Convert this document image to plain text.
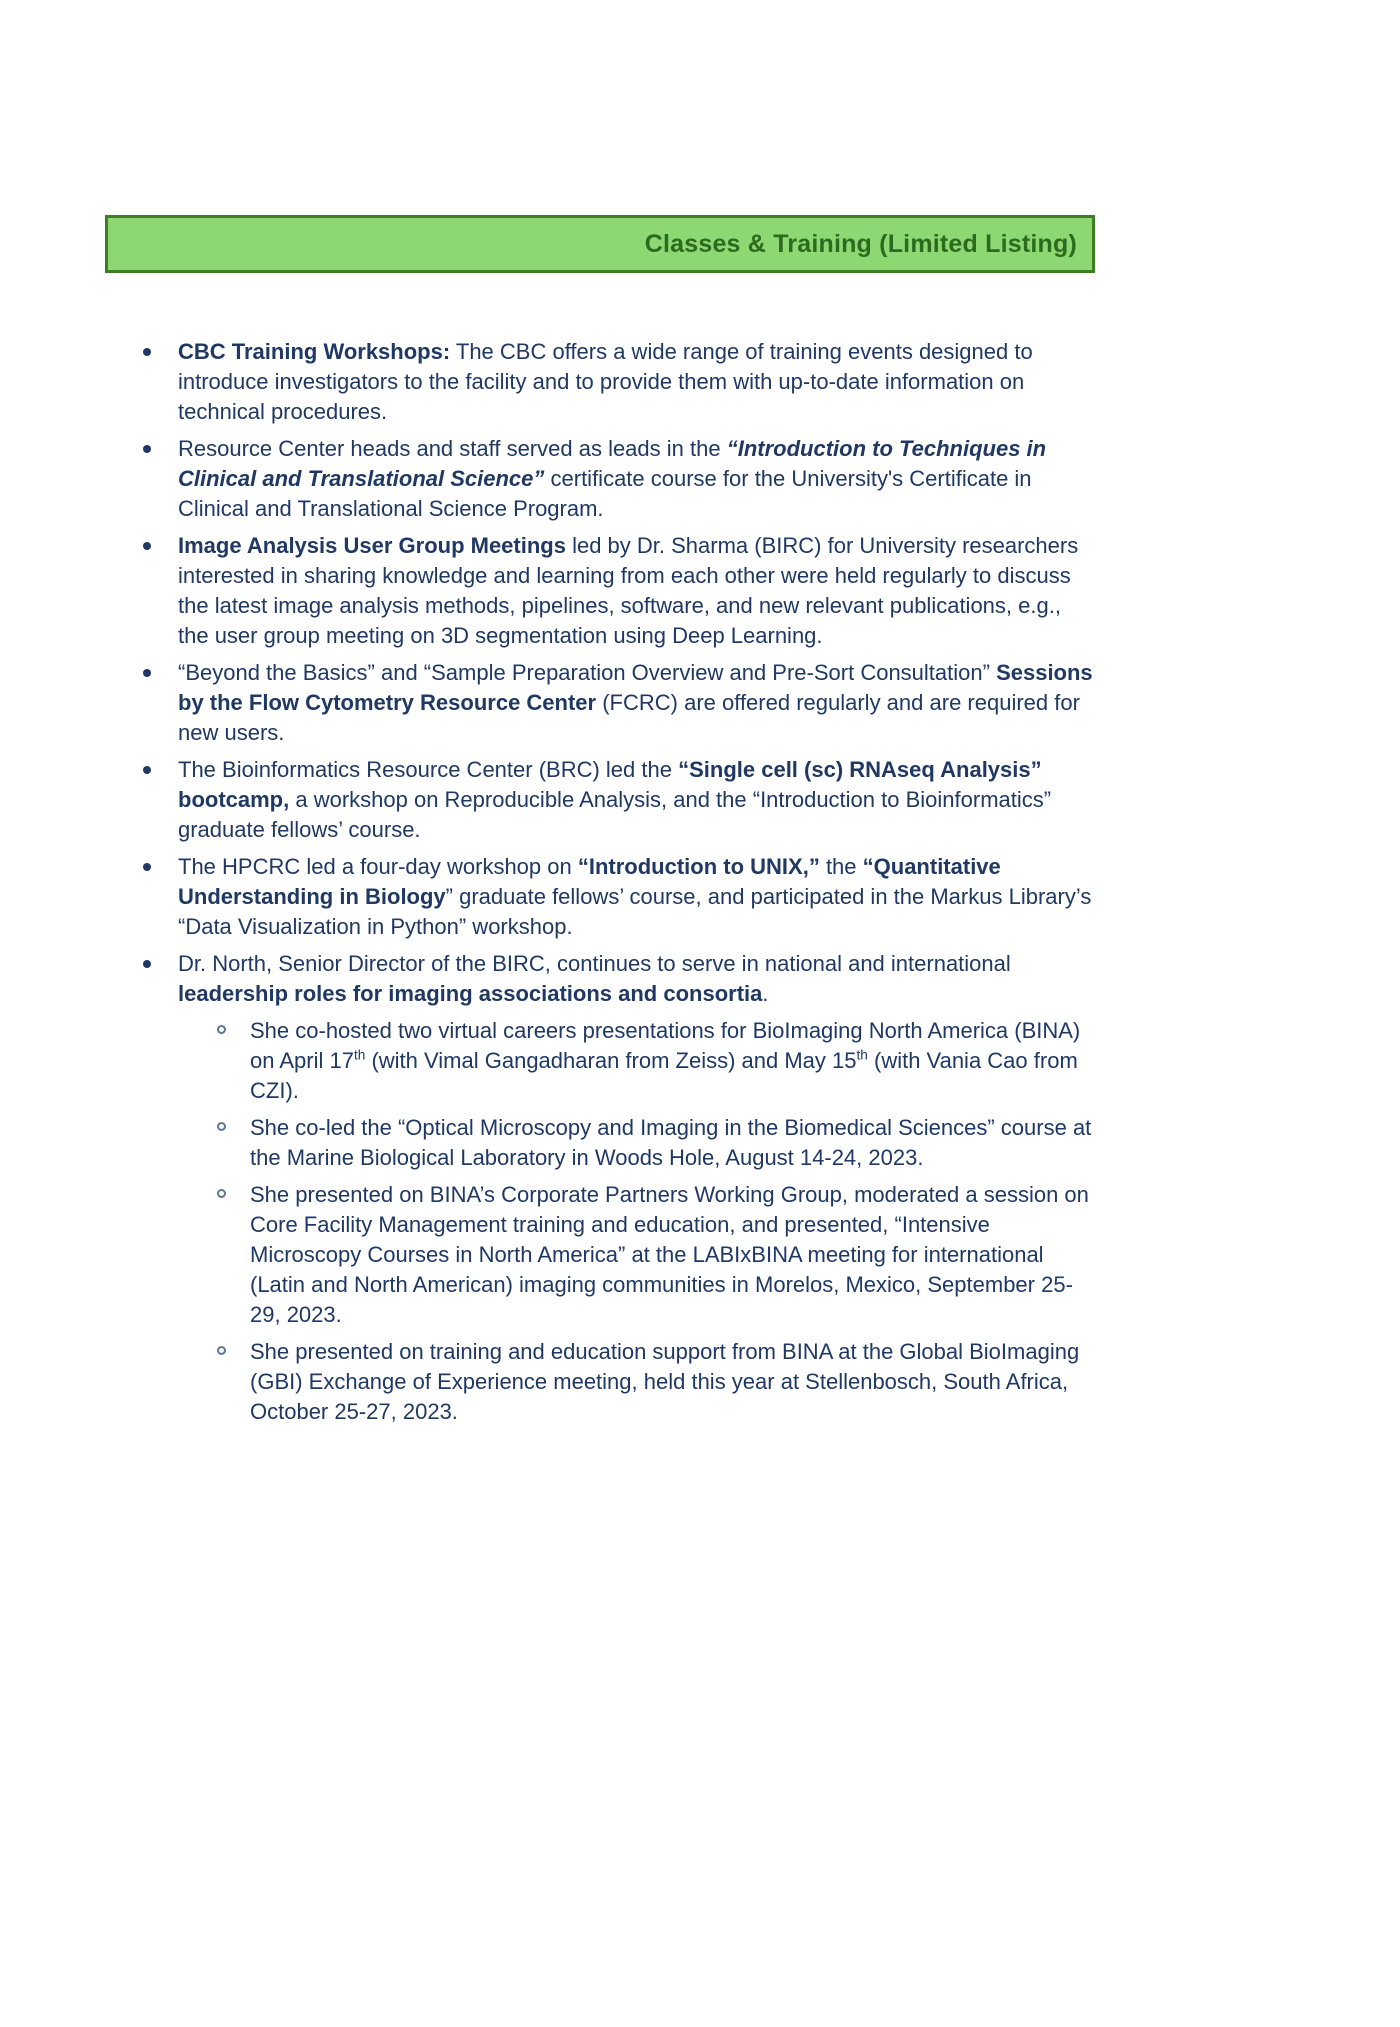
Classes & Training (Limited Listing)
CBC Training Workshops: The CBC offers a wide range of training events designed to introduce investigators to the facility and to provide them with up-to-date information on technical procedures.
Resource Center heads and staff served as leads in the “Introduction to Techniques in Clinical and Translational Science” certificate course for the University's Certificate in Clinical and Translational Science Program.
Image Analysis User Group Meetings led by Dr. Sharma (BIRC) for University researchers interested in sharing knowledge and learning from each other were held regularly to discuss the latest image analysis methods, pipelines, software, and new relevant publications, e.g., the user group meeting on 3D segmentation using Deep Learning.
“Beyond the Basics” and “Sample Preparation Overview and Pre-Sort Consultation” Sessions by the Flow Cytometry Resource Center (FCRC) are offered regularly and are required for new users.
The Bioinformatics Resource Center (BRC) led the “Single cell (sc) RNAseq Analysis” bootcamp, a workshop on Reproducible Analysis, and the “Introduction to Bioinformatics” graduate fellows’ course.
The HPCRC led a four-day workshop on “Introduction to UNIX,” the “Quantitative Understanding in Biology” graduate fellows’ course, and participated in the Markus Library’s “Data Visualization in Python” workshop.
Dr. North, Senior Director of the BIRC, continues to serve in national and international leadership roles for imaging associations and consortia.
She co-hosted two virtual careers presentations for BioImaging North America (BINA) on April 17th (with Vimal Gangadharan from Zeiss) and May 15th (with Vania Cao from CZI).
She co-led the “Optical Microscopy and Imaging in the Biomedical Sciences” course at the Marine Biological Laboratory in Woods Hole, August 14-24, 2023.
She presented on BINA’s Corporate Partners Working Group, moderated a session on Core Facility Management training and education, and presented, “Intensive Microscopy Courses in North America” at the LABIxBINA meeting for international (Latin and North American) imaging communities in Morelos, Mexico, September 25-29, 2023.
She presented on training and education support from BINA at the Global BioImaging (GBI) Exchange of Experience meeting, held this year at Stellenbosch, South Africa, October 25-27, 2023.
